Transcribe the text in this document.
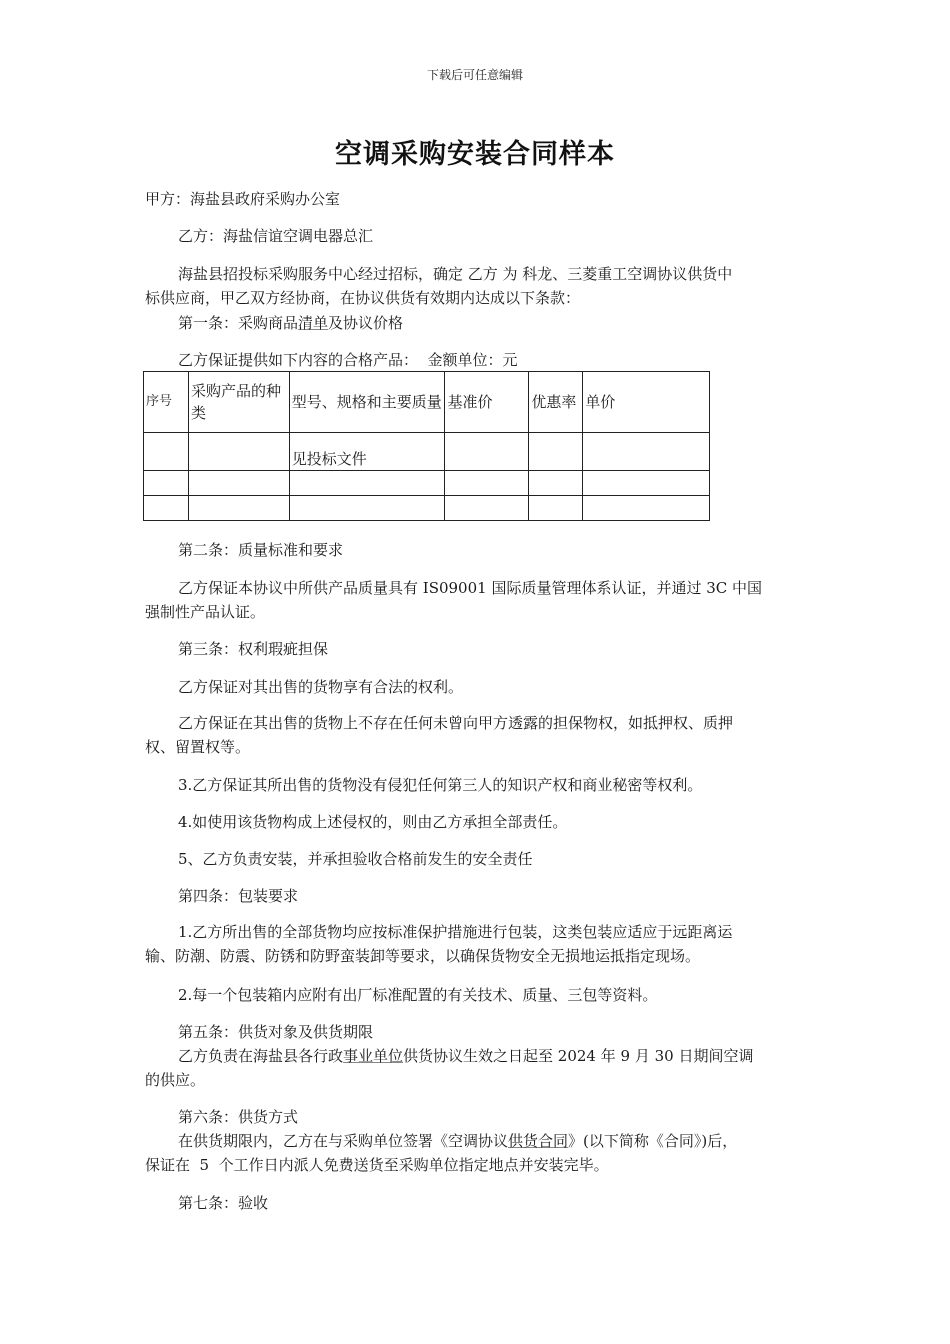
下载后可任意编辑
空调采购安装合同样本
甲方：海盐县政府采购办公室
乙方：海盐信谊空调电器总汇
海盐县招投标采购服务中心经过招标，确定 乙方 为 科龙、三菱重工空调协议供货中
标供应商，甲乙双方经协商，在协议供货有效期内达成以下条款：
第一条：采购商品清单及协议价格
乙方保证提供如下内容的合格产品：  金额单位：元
序号	采购产品的种类	型号、规格和主要质量	基准价	优惠率	单价
		见投标文件			

第二条：质量标准和要求
乙方保证本协议中所供产品质量具有 IS09001 国际质量管理体系认证，并通过 3C 中国
强制性产品认证。
第三条：权利瑕疵担保
乙方保证对其出售的货物享有合法的权利。
乙方保证在其出售的货物上不存在任何未曾向甲方透露的担保物权，如抵押权、质押
权、留置权等。
3.乙方保证其所出售的货物没有侵犯任何第三人的知识产权和商业秘密等权利。
4.如使用该货物构成上述侵权的，则由乙方承担全部责任。
5、乙方负责安装，并承担验收合格前发生的安全责任
第四条：包装要求
1.乙方所出售的全部货物均应按标准保护措施进行包装，这类包装应适应于远距离运
输、防潮、防震、防锈和防野蛮装卸等要求，以确保货物安全无损地运抵指定现场。
2.每一个包装箱内应附有出厂标准配置的有关技术、质量、三包等资料。
第五条：供货对象及供货期限
乙方负责在海盐县各行政事业单位供货协议生效之日起至 2024 年 9 月 30 日期间空调
的供应。
第六条：供货方式
在供货期限内，乙方在与采购单位签署《空调协议供货合同》(以下简称《合同》)后，
保证在  5  个工作日内派人免费送货至采购单位指定地点并安装完毕。
第七条：验收
